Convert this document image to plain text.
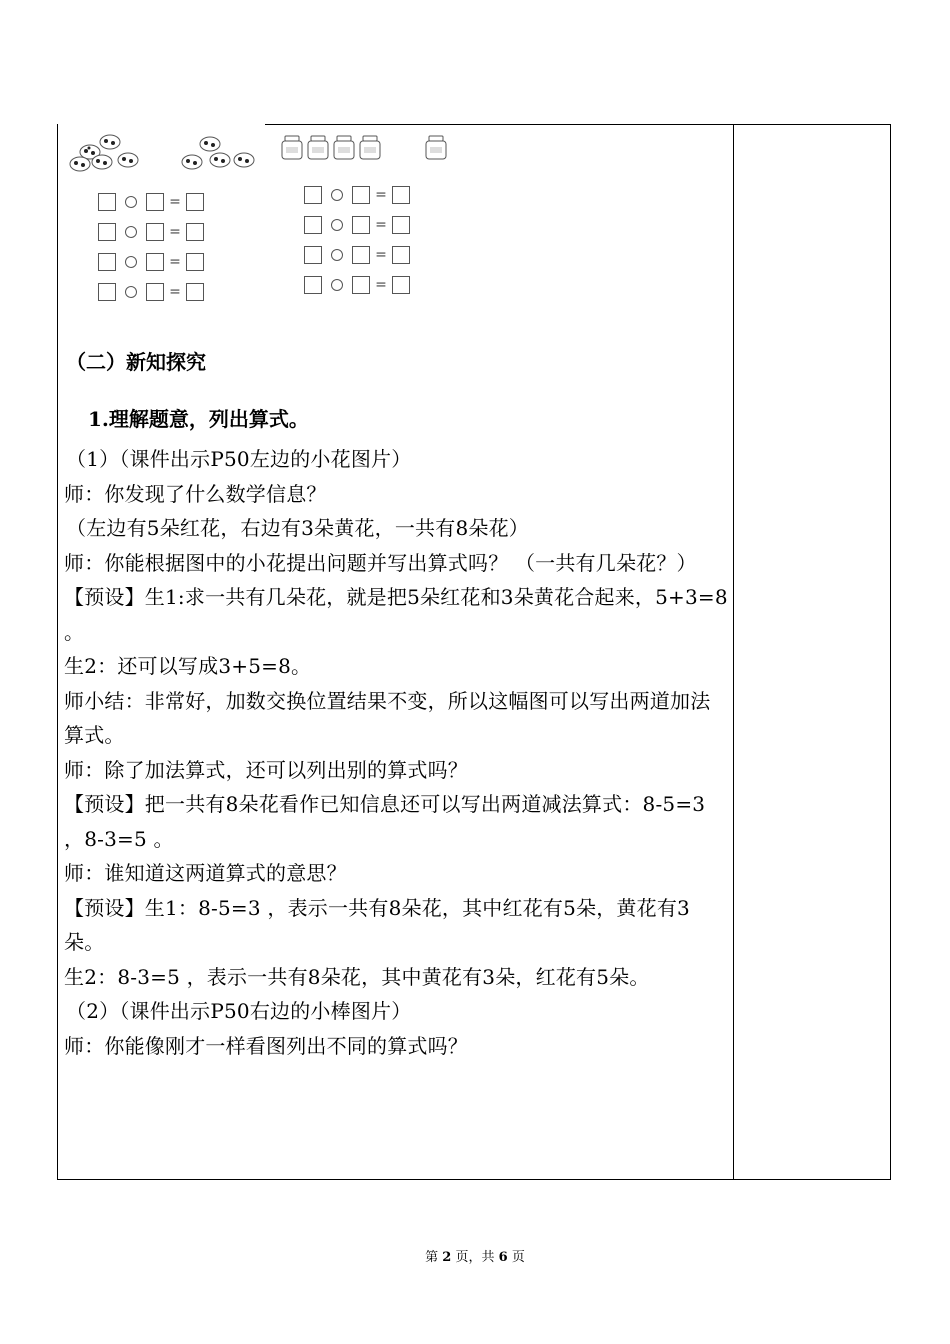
=
=
=
=
=
=
=
=

（二）新知探究

1.理解题意，列出算式。

（1）（课件出示P50左边的小花图片）

师：你发现了什么数学信息？

（左边有5朵红花，右边有3朵黄花，一共有8朵花）

师：你能根据图中的小花提出问题并写出算式吗？ （一共有几朵花？）

【预设】生1:求一共有几朵花，就是把5朵红花和3朵黄花合起来，5+3=8 。

生2：还可以写成3+5=8。

师小结：非常好，加数交换位置结果不变，所以这幅图可以写出两道加法算式。

师：除了加法算式，还可以列出别的算式吗？

【预设】把一共有8朵花看作已知信息还可以写出两道减法算式：8-5=3 ，8-3=5 。

师：谁知道这两道算式的意思？

【预设】生1：8-5=3 ，表示一共有8朵花，其中红花有5朵，黄花有3朵。

生2：8-3=5 ，表示一共有8朵花，其中黄花有3朵，红花有5朵。

（2）（课件出示P50右边的小棒图片）

师：你能像刚才一样看图列出不同的算式吗？

第 2 页，共 6 页
